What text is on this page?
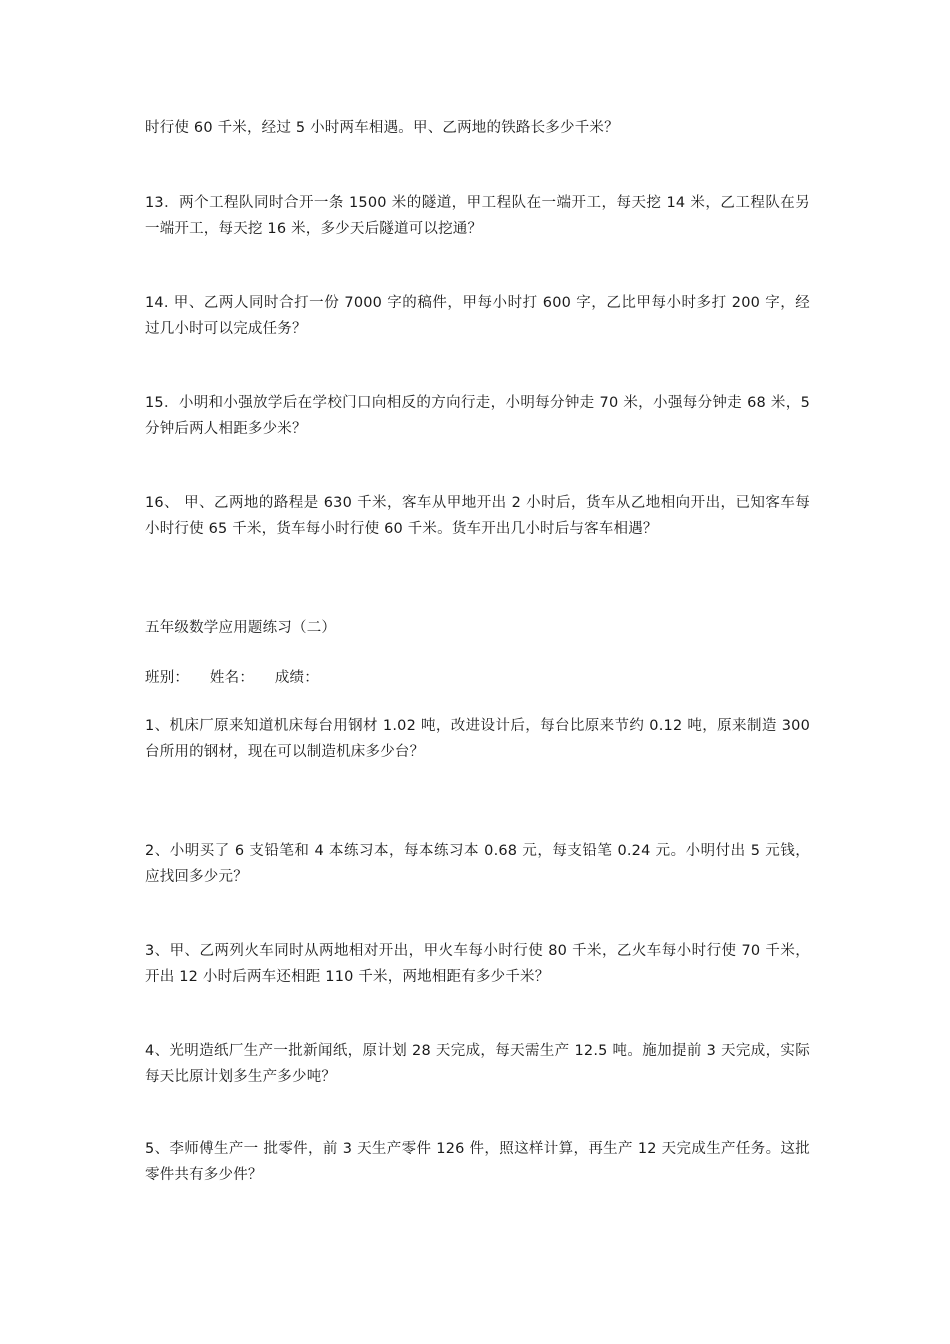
时行使 60 千米，经过 5 小时两车相遇。甲、乙两地的铁路长多少千米？

13．两个工程队同时合开一条 1500 米的隧道，甲工程队在一端开工，每天挖 14 米，乙工程队在另一端开工，每天挖 16 米，多少天后隧道可以挖通？

14. 甲、乙两人同时合打一份 7000 字的稿件，甲每小时打 600 字，乙比甲每小时多打 200 字，经过几小时可以完成任务？

15．小明和小强放学后在学校门口向相反的方向行走，小明每分钟走 70 米，小强每分钟走 68 米，5 分钟后两人相距多少米？

16、 甲、乙两地的路程是 630 千米，客车从甲地开出 2 小时后，货车从乙地相向开出，已知客车每小时行使 65 千米，货车每小时行使 60 千米。货车开出几小时后与客车相遇？

五年级数学应用题练习（二）

班别： 姓名： 成绩：

1、机床厂原来知道机床每台用钢材 1.02 吨，改进设计后，每台比原来节约 0.12 吨，原来制造 300 台所用的钢材，现在可以制造机床多少台？

2、小明买了 6 支铅笔和 4 本练习本，每本练习本 0.68 元，每支铅笔 0.24 元。小明付出 5 元钱，应找回多少元？

3、甲、乙两列火车同时从两地相对开出，甲火车每小时行使 80 千米，乙火车每小时行使 70 千米，开出 12 小时后两车还相距 110 千米，两地相距有多少千米？

4、光明造纸厂生产一批新闻纸，原计划 28 天完成，每天需生产 12.5 吨。施加提前 3 天完成，实际每天比原计划多生产多少吨？

5、李师傅生产一 批零件，前 3 天生产零件 126 件，照这样计算，再生产 12 天完成生产任务。这批零件共有多少件？
